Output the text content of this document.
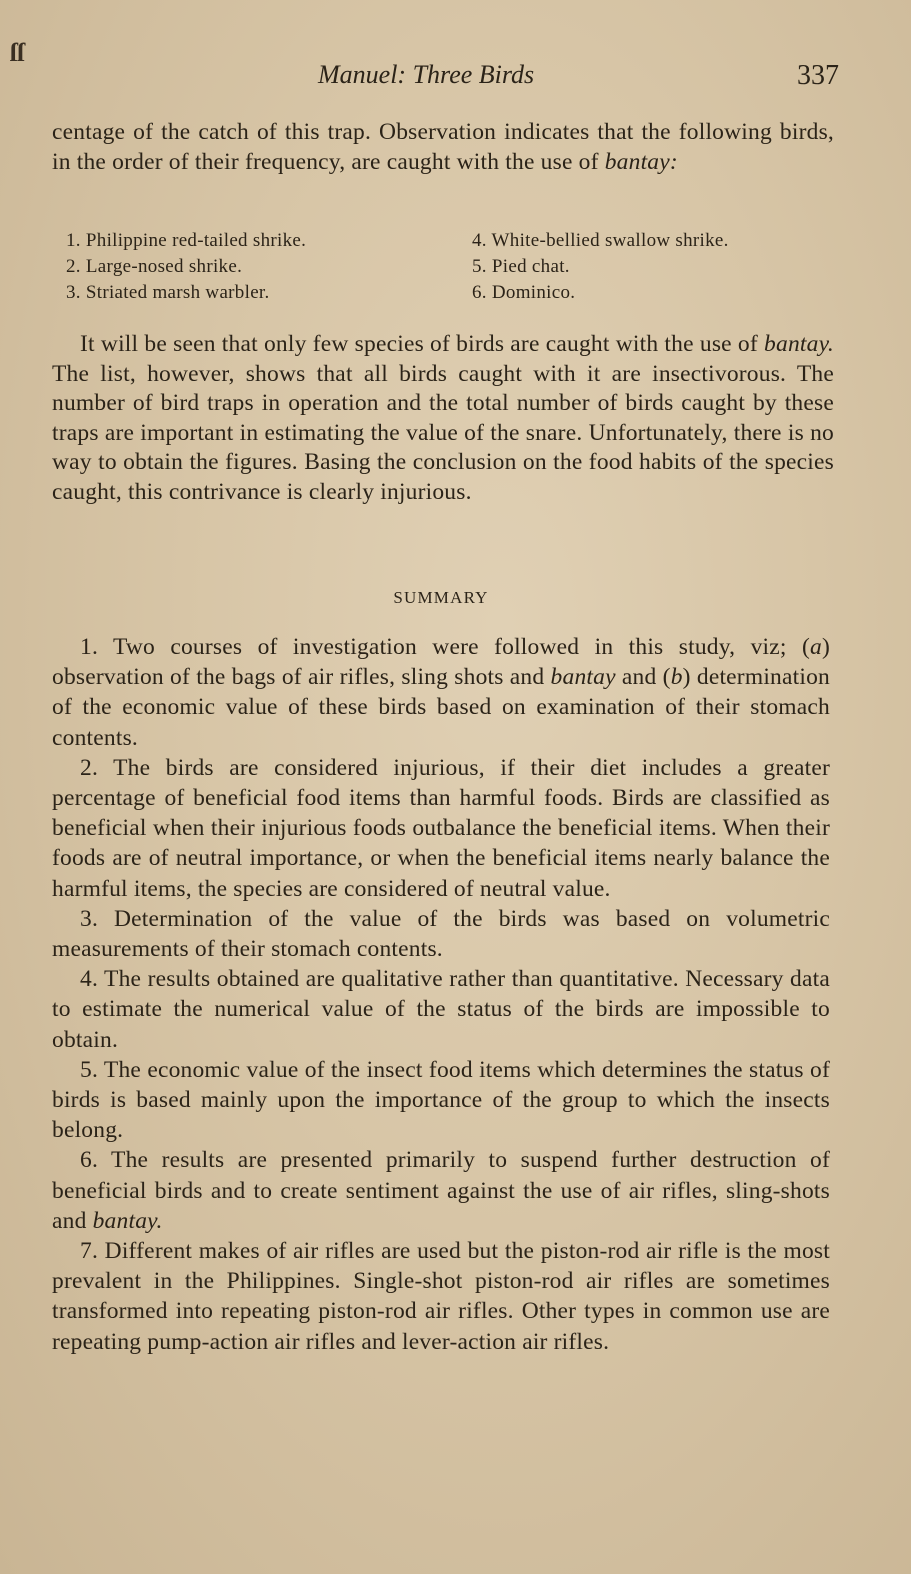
ſſ
Manuel: Three Birds	337

centage of the catch of this trap. Observation indicates that the following birds, in the order of their frequency, are caught with the use of bantay:

1. Philippine red-tailed shrike.	4. White-bellied swallow shrike.
2. Large-nosed shrike.	5. Pied chat.
3. Striated marsh warbler.	6. Dominico.

It will be seen that only few species of birds are caught with the use of bantay. The list, however, shows that all birds caught with it are insectivorous. The number of bird traps in operation and the total number of birds caught by these traps are important in estimating the value of the snare. Unfortunately, there is no way to obtain the figures. Basing the conclusion on the food habits of the species caught, this contrivance is clearly injurious.

SUMMARY

1. Two courses of investigation were followed in this study, viz; (a) observation of the bags of air rifles, sling shots and bantay and (b) determination of the economic value of these birds based on examination of their stomach contents.

2. The birds are considered injurious, if their diet includes a greater percentage of beneficial food items than harmful foods. Birds are classified as beneficial when their injurious foods outbalance the beneficial items. When their foods are of neutral importance, or when the beneficial items nearly balance the harmful items, the species are considered of neutral value.

3. Determination of the value of the birds was based on volumetric measurements of their stomach contents.

4. The results obtained are qualitative rather than quantitative. Necessary data to estimate the numerical value of the status of the birds are impossible to obtain.

5. The economic value of the insect food items which determines the status of birds is based mainly upon the importance of the group to which the insects belong.

6. The results are presented primarily to suspend further destruction of beneficial birds and to create sentiment against the use of air rifles, sling-shots and bantay.

7. Different makes of air rifles are used but the piston-rod air rifle is the most prevalent in the Philippines. Single-shot piston-rod air rifles are sometimes transformed into repeating piston-rod air rifles. Other types in common use are repeating pump-action air rifles and lever-action air rifles.
